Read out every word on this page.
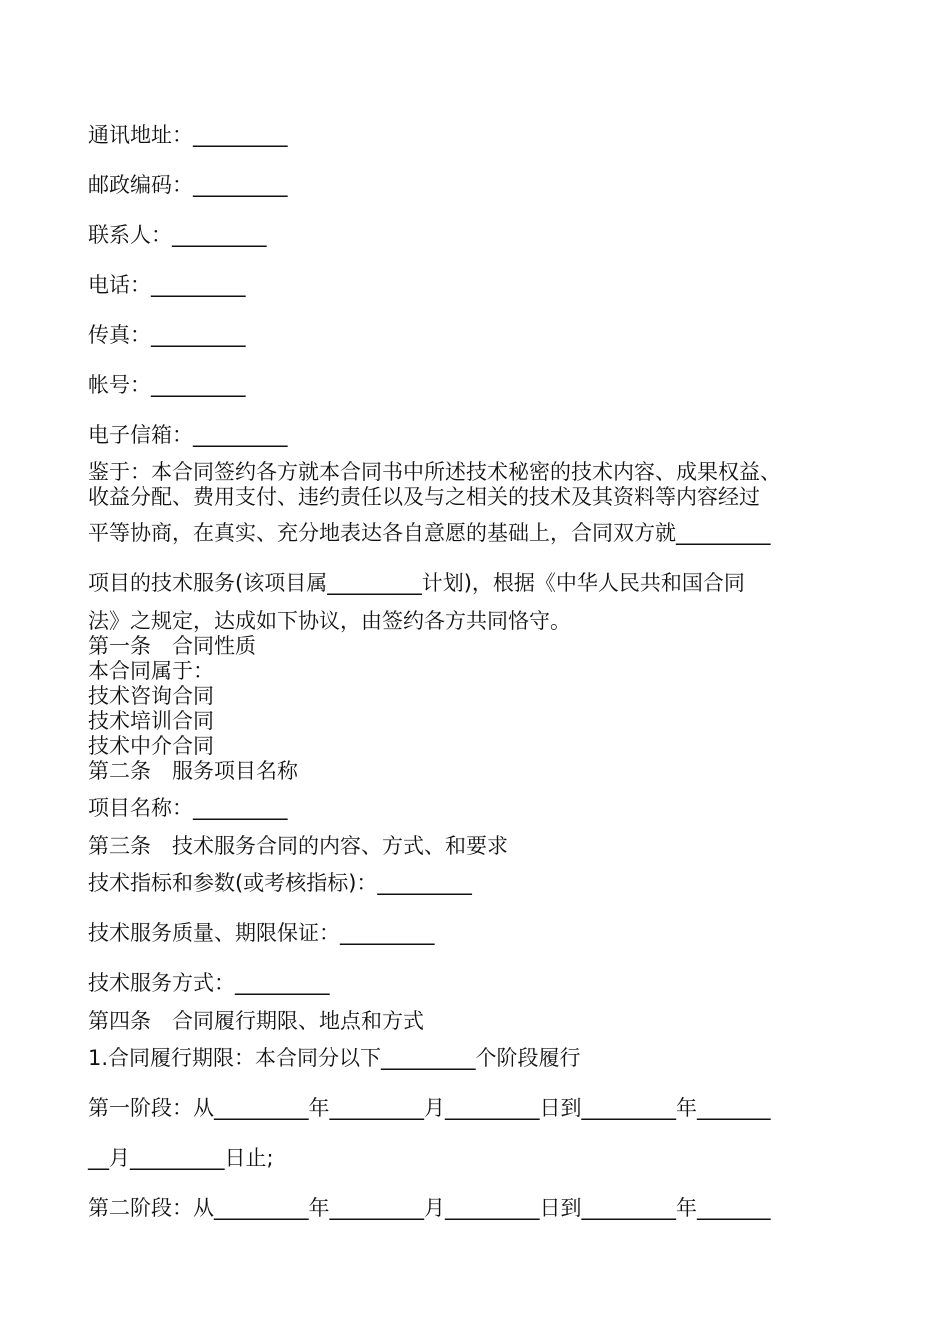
通讯地址：_________

邮政编码：_________

联系人：_________

电话：_________

传真：_________

帐号：_________

电子信箱：_________

鉴于：本合同签约各方就本合同书中所述技术秘密的技术内容、成果权益、

收益分配、费用支付、违约责任以及与之相关的技术及其资料等内容经过

平等协商，在真实、充分地表达各自意愿的基础上，合同双方就_________

项目的技术服务(该项目属_________计划)，根据《中华人民共和国合同

法》之规定，达成如下协议，由签约各方共同恪守。

第一条　合同性质

本合同属于：

技术咨询合同

技术培训合同

技术中介合同

第二条　服务项目名称

项目名称：_________

第三条　技术服务合同的内容、方式、和要求

技术指标和参数(或考核指标)：_________

技术服务质量、期限保证：_________

技术服务方式：_________

第四条　合同履行期限、地点和方式

1.合同履行期限：本合同分以下_________个阶段履行

第一阶段：从_________年_________月_________日到_________年_______

__月_________日止;

第二阶段：从_________年_________月_________日到_________年_______
